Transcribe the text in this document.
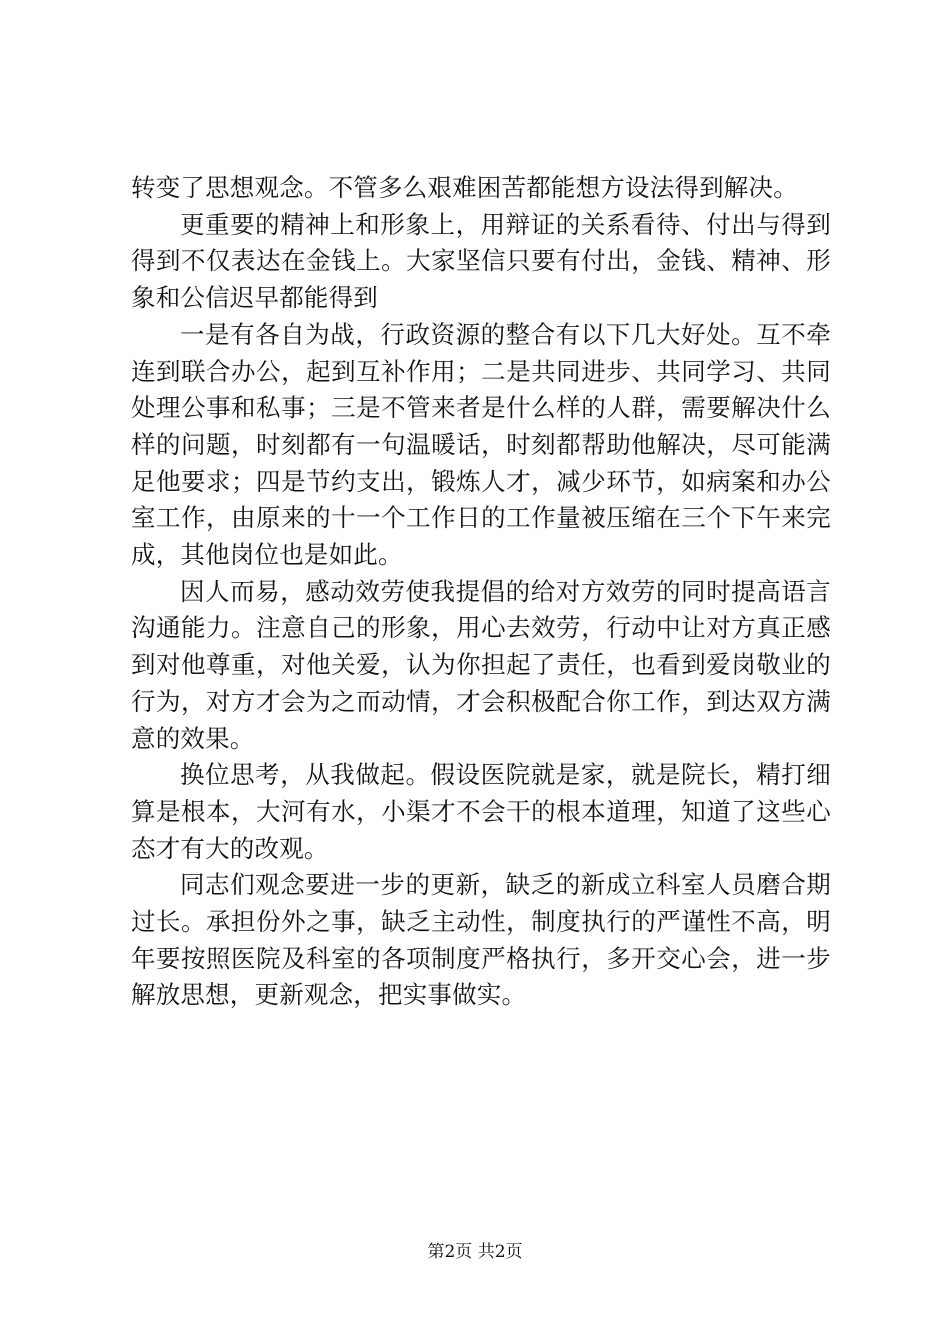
转变了思想观念。不管多么艰难困苦都能想方设法得到解决。

更重要的精神上和形象上，用辩证的关系看待、付出与得到得到不仅表达在金钱上。大家坚信只要有付出，金钱、精神、形象和公信迟早都能得到

一是有各自为战，行政资源的整合有以下几大好处。互不牵连到联合办公，起到互补作用；二是共同进步、共同学习、共同处理公事和私事；三是不管来者是什么样的人群，需要解决什么样的问题，时刻都有一句温暖话，时刻都帮助他解决，尽可能满足他要求；四是节约支出，锻炼人才，减少环节，如病案和办公室工作，由原来的十一个工作日的工作量被压缩在三个下午来完成，其他岗位也是如此。

因人而易，感动效劳使我提倡的给对方效劳的同时提高语言沟通能力。注意自己的形象，用心去效劳，行动中让对方真正感到对他尊重，对他关爱，认为你担起了责任，也看到爱岗敬业的行为，对方才会为之而动情，才会积极配合你工作，到达双方满意的效果。

换位思考，从我做起。假设医院就是家，就是院长，精打细算是根本，大河有水，小渠才不会干的根本道理，知道了这些心态才有大的改观。

同志们观念要进一步的更新，缺乏的新成立科室人员磨合期过长。承担份外之事，缺乏主动性，制度执行的严谨性不高，明年要按照医院及科室的各项制度严格执行，多开交心会，进一步解放思想，更新观念，把实事做实。

第2页 共2页
